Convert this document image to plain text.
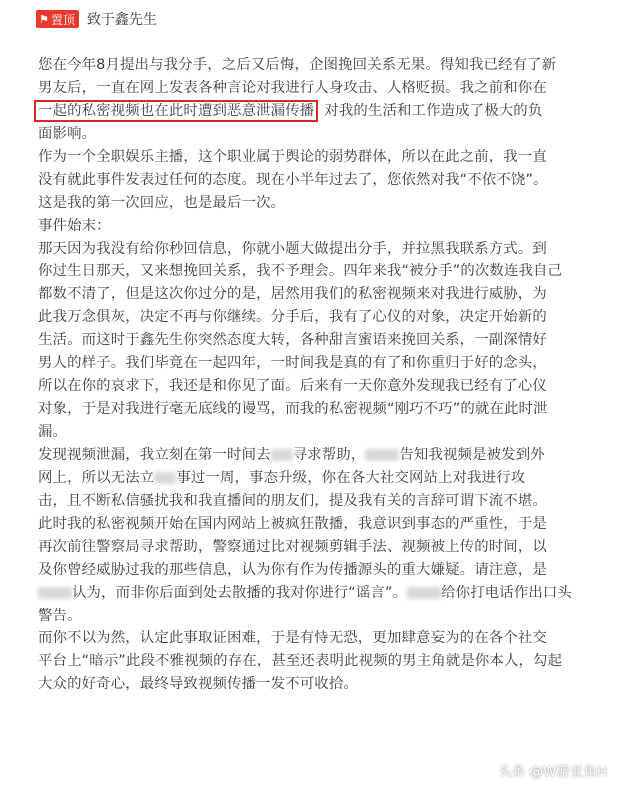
⚑ 置顶 致于鑫先生
您在今年8月提出与我分手，之后又后悔，企图挽回关系无果。得知我已经有了新
男友后，一直在网上发表各种言论对我进行人身攻击、人格贬损。我之前和你在
一起的私密视频也在此时遭到恶意泄漏传播 对我的生活和工作造成了极大的负
面影响。
作为一个全职娱乐主播，这个职业属于舆论的弱势群体，所以在此之前，我一直
没有就此事件发表过任何的态度。现在小半年过去了，您依然对我“不依不饶”。
这是我的第一次回应，也是最后一次。
事件始末：
那天因为我没有给你秒回信息，你就小题大做提出分手，并拉黑我联系方式。到
你过生日那天，又来想挽回关系，我不予理会。四年来我“被分手”的次数连我自己
都数不清了，但是这次你过分的是，居然用我们的私密视频来对我进行威胁，为
此我万念俱灰，决定不再与你继续。分手后，我有了心仪的对象，决定开始新的
生活。而这时于鑫先生你突然态度大转，各种甜言蜜语来挽回关系，一副深情好
男人的样子。我们毕竟在一起四年，一时间我是真的有了和你重归于好的念头，
所以在你的哀求下，我还是和你见了面。后来有一天你意外发现我已经有了心仪
对象，于是对我进行毫无底线的谩骂，而我的私密视频“刚巧不巧”的就在此时泄
漏。
发现视频泄漏，我立刻在第一时间去 寻求帮助， 告知我视频是被发到外
网上，所以无法立 事过一周，事态升级，你在各大社交网站上对我进行攻
击，且不断私信骚扰我和我直播间的朋友们，提及我有关的言辞可谓下流不堪。
此时我的私密视频开始在国内网站上被疯狂散播，我意识到事态的严重性，于是
再次前往警察局寻求帮助，警察通过比对视频剪辑手法、视频被上传的时间，以
及你曾经威胁过我的那些信息，认为你有作为传播源头的重大嫌疑。请注意，是
认为，而非你后面到处去散播的我对你进行“谣言”。 给你打电话作出口头
警告。
而你不以为然，认定此事取证困难，于是有恃无恐，更加肆意妄为的在各个社交
平台上“暗示”此段不雅视频的存在，甚至还表明此视频的男主角就是你本人，勾起
大众的好奇心，最终导致视频传播一发不可收拾。
头条 @W游亚鱼H
